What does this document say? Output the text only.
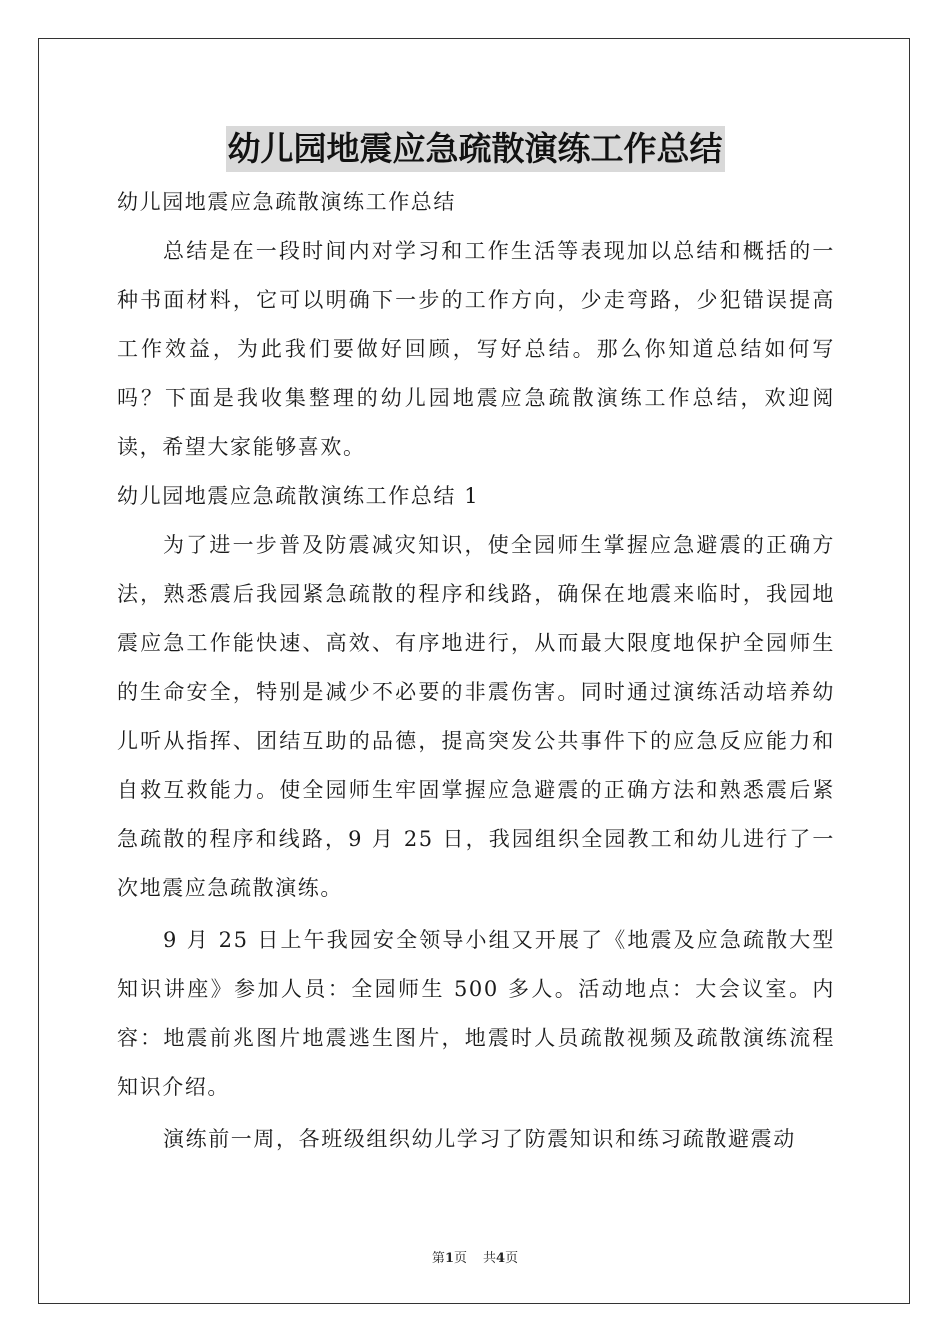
幼儿园地震应急疏散演练工作总结

幼儿园地震应急疏散演练工作总结

总结是在一段时间内对学习和工作生活等表现加以总结和概括的一种书面材料，它可以明确下一步的工作方向，少走弯路，少犯错误提高工作效益，为此我们要做好回顾，写好总结。那么你知道总结如何写吗？下面是我收集整理的幼儿园地震应急疏散演练工作总结，欢迎阅读，希望大家能够喜欢。

幼儿园地震应急疏散演练工作总结 1

为了进一步普及防震减灾知识，使全园师生掌握应急避震的正确方法，熟悉震后我园紧急疏散的程序和线路，确保在地震来临时，我园地震应急工作能快速、高效、有序地进行，从而最大限度地保护全园师生的生命安全，特别是减少不必要的非震伤害。同时通过演练活动培养幼儿听从指挥、团结互助的品德，提高突发公共事件下的应急反应能力和自救互救能力。使全园师生牢固掌握应急避震的正确方法和熟悉震后紧急疏散的程序和线路，9 月 25 日，我园组织全园教工和幼儿进行了一次地震应急疏散演练。

9 月 25 日上午我园安全领导小组又开展了《地震及应急疏散大型知识讲座》参加人员：全园师生 500 多人。活动地点：大会议室。内容：地震前兆图片地震逃生图片，地震时人员疏散视频及疏散演练流程知识介绍。

演练前一周，各班级组织幼儿学习了防震知识和练习疏散避震动

第1页 共4页
